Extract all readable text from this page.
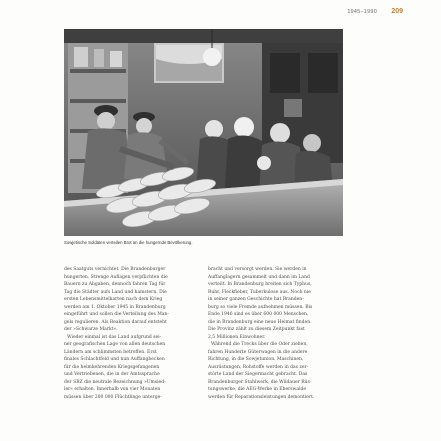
1945–1990 209
Sowjetische Soldaten verteilen Brot an die hungernde Bevölkerung.
des Saatguts vernichtet. Die Brandenburger
hungerten. Strenge Auflagen verpflichten die
Bauern zu Abgaben, dennoch fahren Tag für
Tag die Städter aufs Land und hamstern. Die
ersten Lebensmittelkarten nach dem Krieg
werden am 1. Oktober 1945 in Brandenburg
eingeführt und sollen die Verteilung des Man-
gels regulieren. Als Reaktion darauf entsteht
der »Schwarze Markt«.
Wieder einmal ist das Land aufgrund sei-
ner geografischen Lage von allen deutschen
Ländern am schlimmsten betroffen. Erst
finales Schlachtfeld und nun Auffangbecken
für die heimkehrenden Kriegsgefangenen
und Vertriebenen, die in der Amtssprache
der SBZ die neutrale Bezeichnung »Umsied-
ler« erhalten. Innerhalb von vier Monaten
müssen über 200 000 Flüchtlinge unterge-
bracht und versorgt werden. Sie werden in
Auffanglagern gesammelt und dann im Land
verteilt. In Brandenburg breiten sich Typhus,
Ruhr, Fleckfieber, Tuberkulose aus. Noch nie
in seiner ganzen Geschichte hat Branden-
burg so viele Fremde aufnehmen müssen. Bis
Ende 1946 sind es über 600 000 Menschen,
die in Brandenburg eine neue Heimat finden.
Die Provinz zählt zu diesem Zeitpunkt fast
2,5 Millionen Einwohner.
Während die Trecks über die Oder ziehen,
fahren Hunderte Güterwagen in die andere
Richtung, in die Sowjetunion. Maschinen,
Ausrüstungen, Rohstoffe werden in das zer-
störte Land der Siegermacht gebracht. Das
Brandenburger Stahlwerk, die Wildauer Rüs-
tungswerke, die AEG-Werke in Eberswalde
werden für Reparationsleistungen demontiert.
